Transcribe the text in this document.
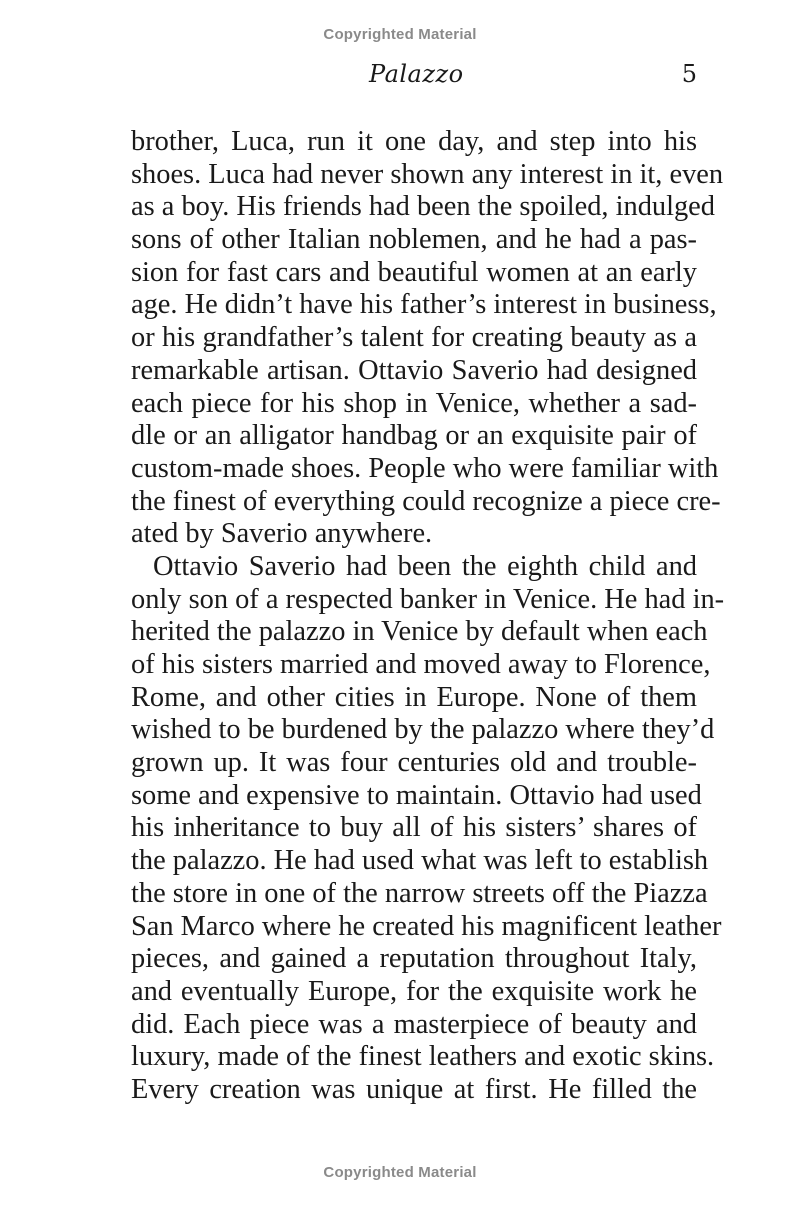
Copyrighted Material
Palazzo	5
brother, Luca, run it one day, and step into his
shoes. Luca had never shown any interest in it, even
as a boy. His friends had been the spoiled, indulged
sons of other Italian noblemen, and he had a pas-
sion for fast cars and beautiful women at an early
age. He didn’t have his father’s interest in business,
or his grandfather’s talent for creating beauty as a
remarkable artisan. Ottavio Saverio had designed
each piece for his shop in Venice, whether a sad-
dle or an alligator handbag or an exquisite pair of
custom-made shoes. People who were familiar with
the finest of everything could recognize a piece cre-
ated by Saverio anywhere.
Ottavio Saverio had been the eighth child and
only son of a respected banker in Venice. He had in-
herited the palazzo in Venice by default when each
of his sisters married and moved away to Florence,
Rome, and other cities in Europe. None of them
wished to be burdened by the palazzo where they’d
grown up. It was four centuries old and trouble-
some and expensive to maintain. Ottavio had used
his inheritance to buy all of his sisters’ shares of
the palazzo. He had used what was left to establish
the store in one of the narrow streets off the Piazza
San Marco where he created his magnificent leather
pieces, and gained a reputation throughout Italy,
and eventually Europe, for the exquisite work he
did. Each piece was a masterpiece of beauty and
luxury, made of the finest leathers and exotic skins.
Every creation was unique at first. He filled the
Copyrighted Material
